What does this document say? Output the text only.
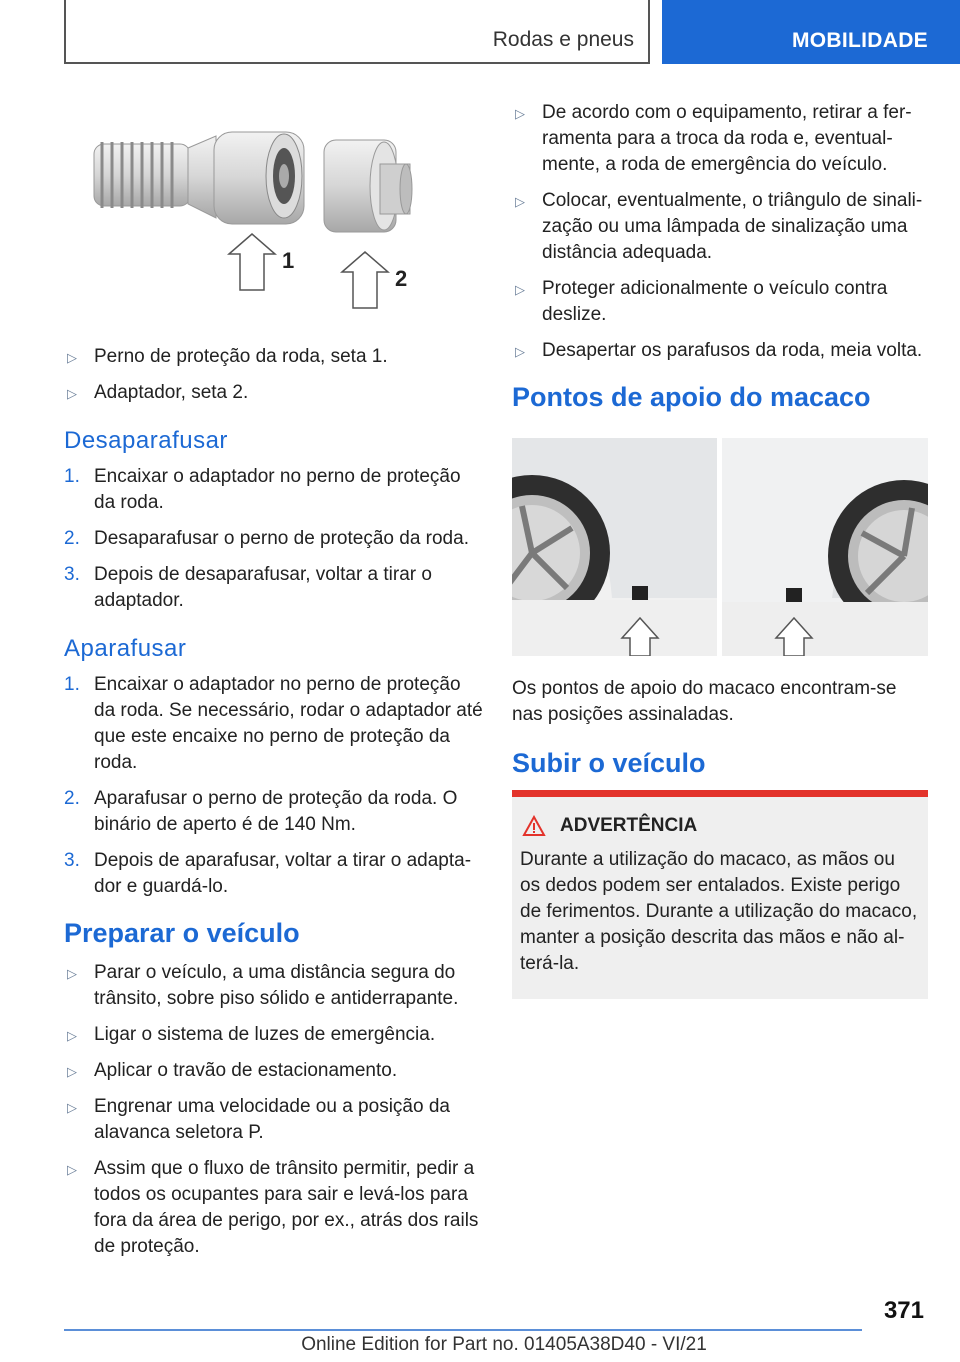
Rodas e pneus	MOBILIDADE
1
2
▷ Perno de proteção da roda, seta 1.
▷ Adaptador, seta 2.
Desaparafusar
1. Encaixar o adaptador no perno de proteção da roda.
2. Desaparafusar o perno de proteção da roda.
3. Depois de desaparafusar, voltar a tirar o adaptador.
Aparafusar
1. Encaixar o adaptador no perno de proteção da roda. Se necessário, rodar o adaptador até que este encaixe no perno de proteção da roda.
2. Aparafusar o perno de proteção da roda. O binário de aperto é de 140 Nm.
3. Depois de aparafusar, voltar a tirar o adaptador e guardá-lo.
Preparar o veículo
▷ Parar o veículo, a uma distância segura do trânsito, sobre piso sólido e antiderrapante.
▷ Ligar o sistema de luzes de emergência.
▷ Aplicar o travão de estacionamento.
▷ Engrenar uma velocidade ou a posição da alavanca seletora P.
▷ Assim que o fluxo de trânsito permitir, pedir a todos os ocupantes para sair e levá-los para fora da área de perigo, por ex., atrás dos rails de proteção.
▷ De acordo com o equipamento, retirar a ferramenta para a troca da roda e, eventualmente, a roda de emergência do veículo.
▷ Colocar, eventualmente, o triângulo de sinalização ou uma lâmpada de sinalização uma distância adequada.
▷ Proteger adicionalmente o veículo contra deslize.
▷ Desapertar os parafusos da roda, meia volta.
Pontos de apoio do macaco

Os pontos de apoio do macaco encontram-se nas posições assinaladas.

Subir o veículo
ADVERTÊNCIA
Durante a utilização do macaco, as mãos ou os dedos podem ser entalados. Existe perigo de ferimentos. Durante a utilização do macaco, manter a posição descrita das mãos e não alterá-la.
371
Online Edition for Part no. 01405A38D40 - VI/21
